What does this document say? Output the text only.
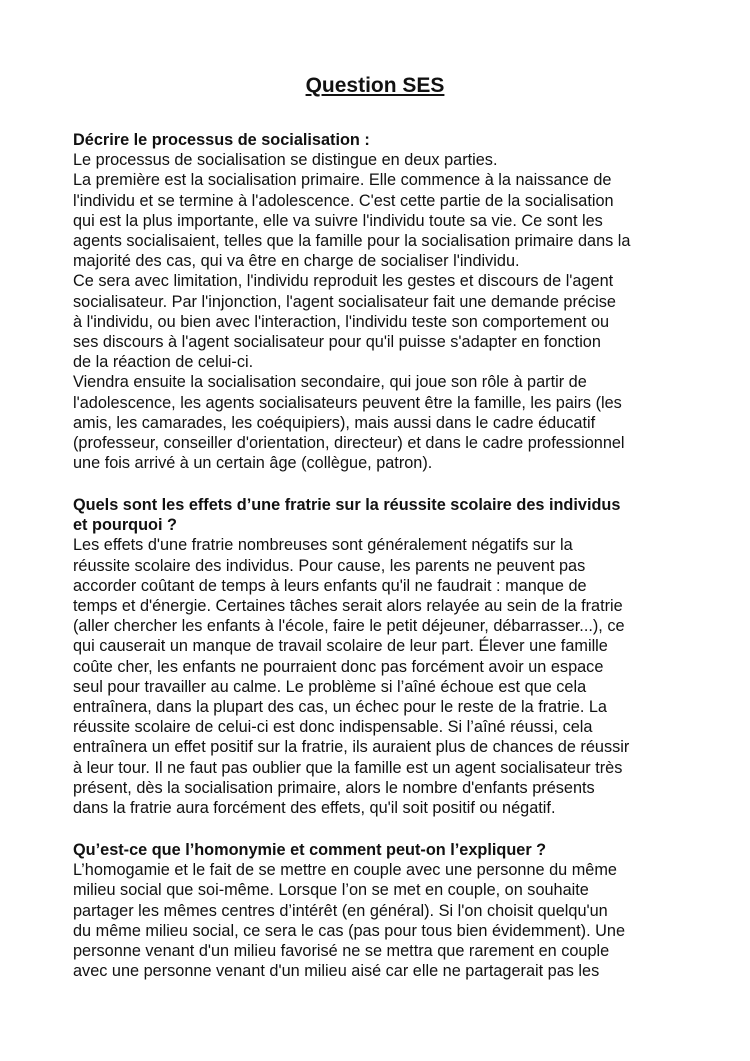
Question SES
Décrire le processus de socialisation :
Le processus de socialisation se distingue en deux parties.
La première est la socialisation primaire. Elle commence à la naissance de
l'individu et se termine à l'adolescence. C'est cette partie de la socialisation
qui est la plus importante, elle va suivre l'individu toute sa vie. Ce sont les
agents socialisaient, telles que la famille pour la socialisation primaire dans la
majorité des cas, qui va être en charge de socialiser l'individu.
Ce sera avec limitation, l'individu reproduit les gestes et discours de l'agent
socialisateur. Par l'injonction, l'agent socialisateur fait une demande précise
à l'individu, ou bien avec l'interaction, l'individu teste son comportement ou
ses discours à l'agent socialisateur pour qu'il puisse s'adapter en fonction
de la réaction de celui-ci.
Viendra ensuite la socialisation secondaire, qui joue son rôle à partir de
l'adolescence, les agents socialisateurs peuvent être la famille, les pairs (les
amis, les camarades, les coéquipiers), mais aussi dans le cadre éducatif
(professeur, conseiller d'orientation, directeur) et dans le cadre professionnel
une fois arrivé à un certain âge (collègue, patron).
Quels sont les effets d’une fratrie sur la réussite scolaire des individus
et pourquoi ?
Les effets d'une fratrie nombreuses sont généralement négatifs sur la
réussite scolaire des individus. Pour cause, les parents ne peuvent pas
accorder coûtant de temps à leurs enfants qu'il ne faudrait : manque de
temps et d'énergie. Certaines tâches serait alors relayée au sein de la fratrie
(aller chercher les enfants à l'école, faire le petit déjeuner, débarrasser...), ce
qui causerait un manque de travail scolaire de leur part. Élever une famille
coûte cher, les enfants ne pourraient donc pas forcément avoir un espace
seul pour travailler au calme. Le problème si l’aîné échoue est que cela
entraînera, dans la plupart des cas, un échec pour le reste de la fratrie. La
réussite scolaire de celui-ci est donc indispensable. Si l’aîné réussi, cela
entraînera un effet positif sur la fratrie, ils auraient plus de chances de réussir
à leur tour. Il ne faut pas oublier que la famille est un agent socialisateur très
présent, dès la socialisation primaire, alors le nombre d'enfants présents
dans la fratrie aura forcément des effets, qu'il soit positif ou négatif.
Qu’est-ce que l’homonymie et comment peut-on l’expliquer ?
L’homogamie et le fait de se mettre en couple avec une personne du même
milieu social que soi-même. Lorsque l’on se met en couple, on souhaite
partager les mêmes centres d’intérêt (en général). Si l'on choisit quelqu'un
du même milieu social, ce sera le cas (pas pour tous bien évidemment). Une
personne venant d'un milieu favorisé ne se mettra que rarement en couple
avec une personne venant d'un milieu aisé car elle ne partagerait pas les
